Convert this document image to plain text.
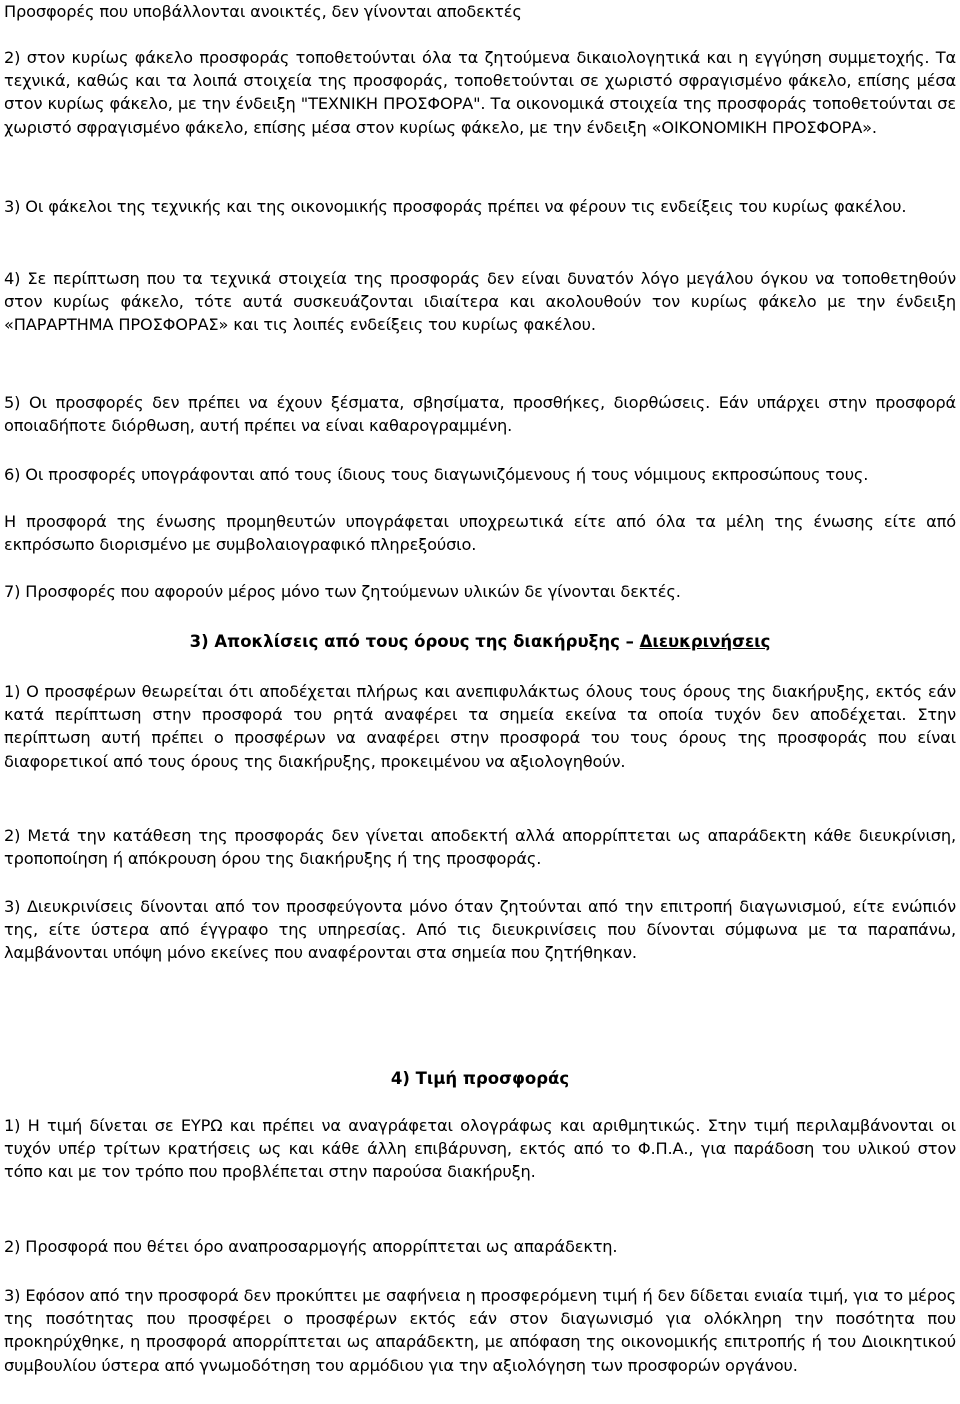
Προσφορές που υποβάλλονται ανοικτές, δεν γίνονται αποδεκτές

2) στον κυρίως φάκελο προσφοράς τοποθετούνται όλα τα ζητούμενα δικαιολογητικά και η εγγύηση συμμετοχής. Τα τεχνικά, καθώς και τα λοιπά στοιχεία της προσφοράς, τοποθετούνται σε χωριστό σφραγισμένο φάκελο, επίσης μέσα στον κυρίως φάκελο, με την ένδειξη "ΤΕΧΝΙΚΗ ΠΡΟΣΦΟΡΑ". Τα οικονομικά στοιχεία της προσφοράς τοποθετούνται σε χωριστό σφραγισμένο φάκελο, επίσης μέσα στον κυρίως φάκελο, με την ένδειξη «ΟΙΚΟΝΟΜΙΚΗ ΠΡΟΣΦΟΡΑ».

3) Οι φάκελοι της τεχνικής και της οικονομικής προσφοράς πρέπει να φέρουν τις ενδείξεις του κυρίως φακέλου.

4) Σε περίπτωση που τα τεχνικά στοιχεία της προσφοράς δεν είναι δυνατόν λόγο μεγάλου όγκου να τοποθετηθούν στον κυρίως φάκελο, τότε αυτά συσκευάζονται ιδιαίτερα και ακολουθούν τον κυρίως φάκελο με την ένδειξη «ΠΑΡΑΡΤΗΜΑ ΠΡΟΣΦΟΡΑΣ» και τις λοιπές ενδείξεις του κυρίως φακέλου.

5) Οι προσφορές δεν πρέπει να έχουν ξέσματα, σβησίματα, προσθήκες, διορθώσεις. Εάν υπάρχει στην προσφορά οποιαδήποτε διόρθωση, αυτή πρέπει να είναι καθαρογραμμένη.

6) Οι προσφορές υπογράφονται από τους ίδιους τους διαγωνιζόμενους ή τους νόμιμους εκπροσώπους τους.

Η προσφορά της ένωσης προμηθευτών υπογράφεται υποχρεωτικά είτε από όλα τα μέλη της ένωσης είτε από εκπρόσωπο διορισμένο με συμβολαιογραφικό πληρεξούσιο.

7) Προσφορές που αφορούν μέρος μόνο των ζητούμενων υλικών δε γίνονται δεκτές.

3) Αποκλίσεις από τους όρους της διακήρυξης – Διευκρινήσεις

1) Ο προσφέρων θεωρείται ότι αποδέχεται πλήρως και ανεπιφυλάκτως όλους τους όρους της διακήρυξης, εκτός εάν κατά περίπτωση στην προσφορά του ρητά αναφέρει τα σημεία εκείνα τα οποία τυχόν δεν αποδέχεται. Στην περίπτωση αυτή πρέπει ο προσφέρων να αναφέρει στην προσφορά του τους όρους της προσφοράς που είναι διαφορετικοί από τους όρους της διακήρυξης, προκειμένου να αξιολογηθούν.

2) Μετά την κατάθεση της προσφοράς δεν γίνεται αποδεκτή αλλά απορρίπτεται ως απαράδεκτη κάθε διευκρίνιση, τροποποίηση ή απόκρουση όρου της διακήρυξης ή της προσφοράς.

3) Διευκρινίσεις δίνονται από τον προσφεύγοντα μόνο όταν ζητούνται από την επιτροπή διαγωνισμού, είτε ενώπιόν της, είτε ύστερα από έγγραφο της υπηρεσίας. Από τις διευκρινίσεις που δίνονται σύμφωνα με τα παραπάνω, λαμβάνονται υπόψη μόνο εκείνες που αναφέρονται στα σημεία που ζητήθηκαν.

4) Τιμή προσφοράς

1) Η τιμή δίνεται σε ΕΥΡΩ και πρέπει να αναγράφεται ολογράφως και αριθμητικώς. Στην τιμή περιλαμβάνονται οι τυχόν υπέρ τρίτων κρατήσεις ως και κάθε άλλη επιβάρυνση, εκτός από το Φ.Π.Α., για παράδοση του υλικού στον τόπο και με τον τρόπο που προβλέπεται στην παρούσα διακήρυξη.

2) Προσφορά που θέτει όρο αναπροσαρμογής απορρίπτεται ως απαράδεκτη.

3) Εφόσον από την προσφορά δεν προκύπτει με σαφήνεια η προσφερόμενη τιμή ή δεν δίδεται ενιαία τιμή, για το μέρος της ποσότητας που προσφέρει ο προσφέρων εκτός εάν στον διαγωνισμό για ολόκληρη την ποσότητα που προκηρύχθηκε, η προσφορά απορρίπτεται ως απαράδεκτη, με απόφαση της οικονομικής επιτροπής ή του Διοικητικού συμβουλίου ύστερα από γνωμοδότηση του αρμόδιου για την αξιολόγηση των προσφορών οργάνου.
